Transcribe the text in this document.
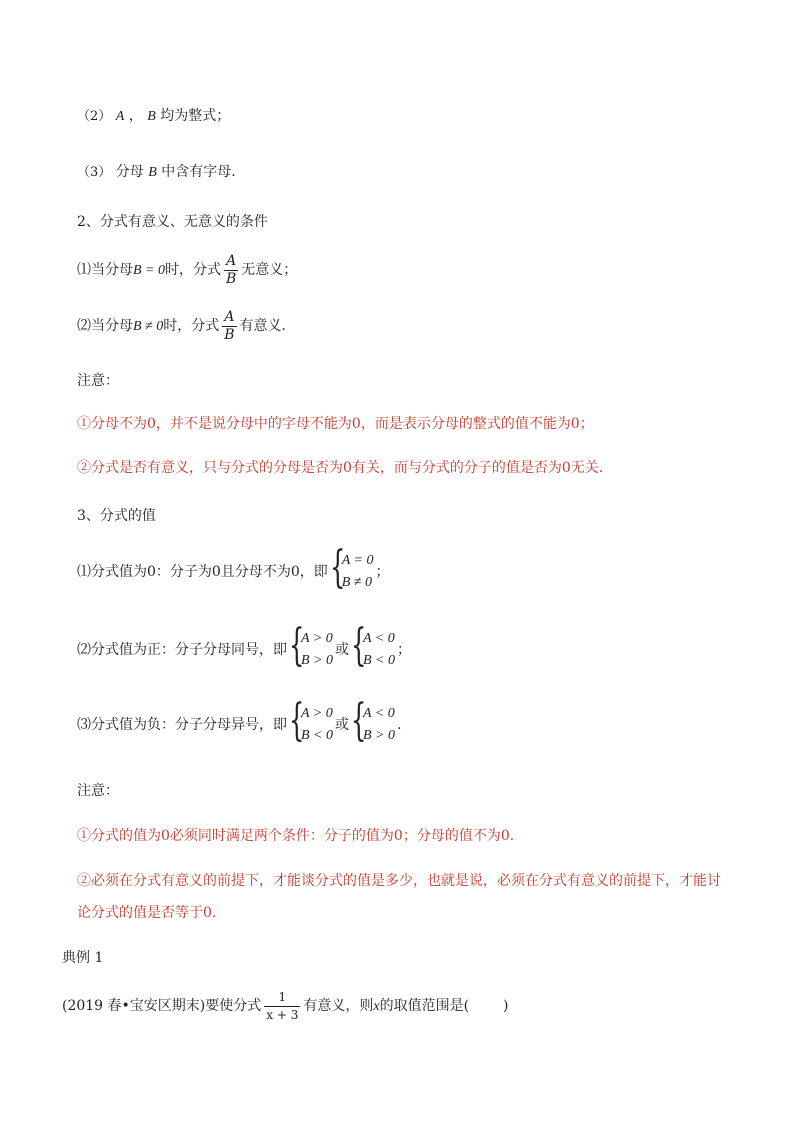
（2） A ， B 均为整式；
（3） 分母 B 中含有字母.
2、分式有意义、无意义的条件
⑴当分母B = 0时，分式 $\frac{A}{B}$ 无意义；
⑵当分母B ≠ 0时，分式 $\frac{A}{B}$ 有意义．
注意：
①分母不为0，并不是说分母中的字母不能为0，而是表示分母的整式的值不能为0；
②分式是否有意义，只与分式的分母是否为0有关，而与分式的分子的值是否为0无关.
3、分式的值
⑴分式值为0：分子为0且分母不为0，即 {
A = 0
B ≠ 0
；
⑵分式值为正：分子分母同号，即 {
A > 0
B > 0
或 {
A < 0
B < 0
；
⑶分式值为负：分子分母异号，即 {
A > 0
B < 0
或 {
A < 0
B > 0
.
注意：
①分式的值为0必须同时满足两个条件：分子的值为0；分母的值不为0.
②必须在分式有意义的前提下，才能谈分式的值是多少，也就是说，必须在分式有意义的前提下，才能讨
论分式的值是否等于0.
典例 1
(2019 春•宝安区期末)要使分式 $\frac{1}{x + 3}$ 有意义，则x的取值范围是( )
